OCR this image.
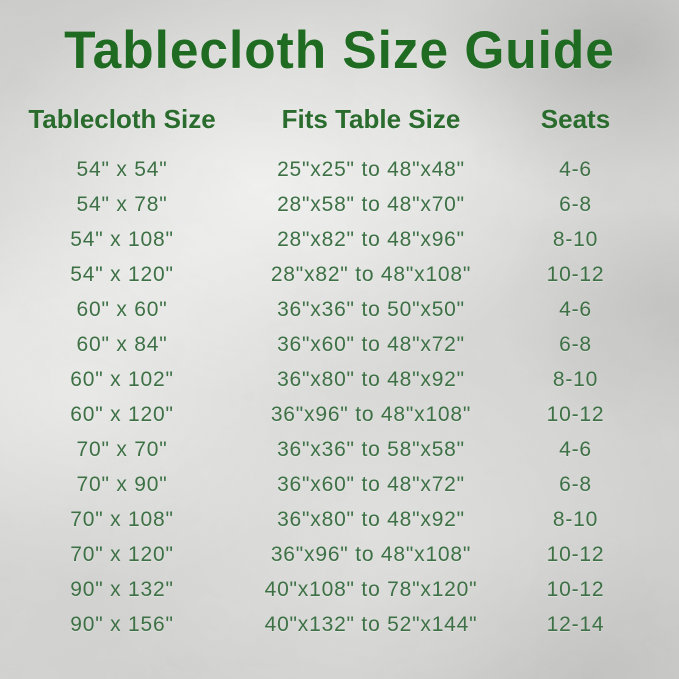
Tablecloth Size Guide
Tablecloth Size	Fits Table Size	Seats
54" x 54"	25"x25" to 48"x48"	4-6
54" x 78"	28"x58" to 48"x70"	6-8
54" x 108"	28"x82" to 48"x96"	8-10
54" x 120"	28"x82" to 48"x108"	10-12
60" x 60"	36"x36" to 50"x50"	4-6
60" x 84"	36"x60" to 48"x72"	6-8
60" x 102"	36"x80" to 48"x92"	8-10
60" x 120"	36"x96" to 48"x108"	10-12
70" x 70"	36"x36" to 58"x58"	4-6
70" x 90"	36"x60" to 48"x72"	6-8
70" x 108"	36"x80" to 48"x92"	8-10
70" x 120"	36"x96" to 48"x108"	10-12
90" x 132"	40"x108" to 78"x120"	10-12
90" x 156"	40"x132" to 52"x144"	12-14
